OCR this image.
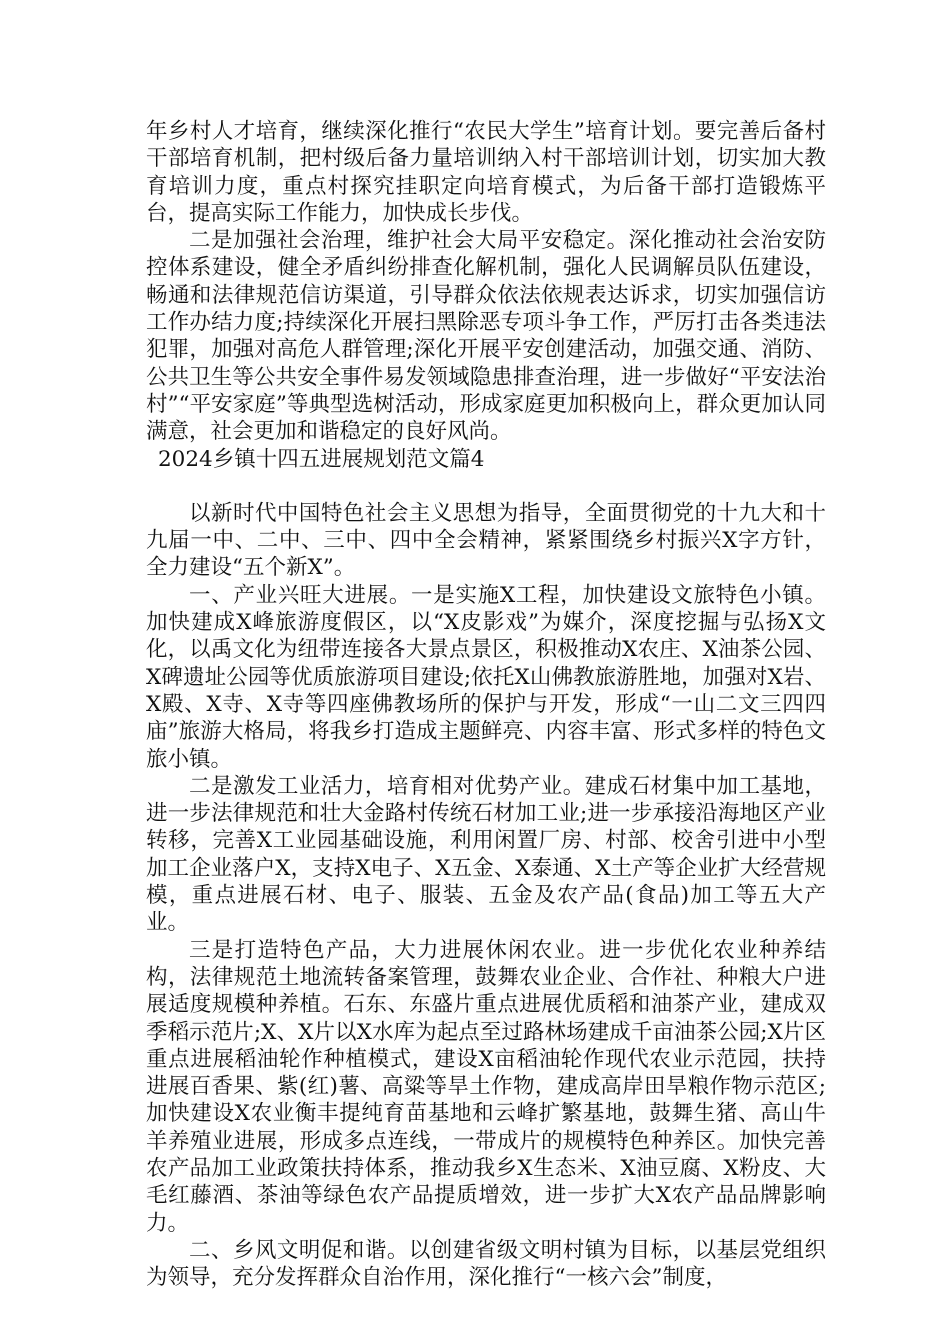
年乡村人才培育，继续深化推行“农民大学生”培育计划。要完善后备村干部培育机制，把村级后备力量培训纳入村干部培训计划，切实加大教育培训力度，重点村探究挂职定向培育模式，为后备干部打造锻炼平台，提高实际工作能力，加快成长步伐。

二是加强社会治理，维护社会大局平安稳定。深化推动社会治安防控体系建设，健全矛盾纠纷排查化解机制，强化人民调解员队伍建设，畅通和法律规范信访渠道，引导群众依法依规表达诉求，切实加强信访工作办结力度;持续深化开展扫黑除恶专项斗争工作，严厉打击各类违法犯罪，加强对高危人群管理;深化开展平安创建活动，加强交通、消防、公共卫生等公共安全事件易发领域隐患排查治理，进一步做好“平安法治村”“平安家庭”等典型选树活动，形成家庭更加积极向上，群众更加认同满意，社会更加和谐稳定的良好风尚。

2024乡镇十四五进展规划范文篇4

以新时代中国特色社会主义思想为指导，全面贯彻党的十九大和十九届一中、二中、三中、四中全会精神，紧紧围绕乡村振兴X字方针，全力建设“五个新X”。

一、产业兴旺大进展。一是实施X工程，加快建设文旅特色小镇。加快建成X峰旅游度假区，以“X皮影戏”为媒介，深度挖掘与弘扬X文化，以禹文化为纽带连接各大景点景区，积极推动X农庄、X油茶公园、X碑遗址公园等优质旅游项目建设;依托X山佛教旅游胜地，加强对X岩、X殿、X寺、X寺等四座佛教场所的保护与开发，形成“一山二文三四四庙”旅游大格局，将我乡打造成主题鲜亮、内容丰富、形式多样的特色文旅小镇。

二是激发工业活力，培育相对优势产业。建成石材集中加工基地，进一步法律规范和壮大金路村传统石材加工业;进一步承接沿海地区产业转移，完善X工业园基础设施，利用闲置厂房、村部、校舍引进中小型加工企业落户X，支持X电子、X五金、X泰通、X土产等企业扩大经营规模，重点进展石材、电子、服装、五金及农产品(食品)加工等五大产业。

三是打造特色产品，大力进展休闲农业。进一步优化农业种养结构，法律规范土地流转备案管理，鼓舞农业企业、合作社、种粮大户进展适度规模种养植。石东、东盛片重点进展优质稻和油茶产业，建成双季稻示范片;X、X片以X水库为起点至过路林场建成千亩油茶公园;X片区重点进展稻油轮作种植模式，建设X亩稻油轮作现代农业示范园，扶持进展百香果、紫(红)薯、高粱等旱土作物，建成高岸田旱粮作物示范区;加快建设X农业衡丰提纯育苗基地和云峰扩繁基地，鼓舞生猪、高山牛羊养殖业进展，形成多点连线，一带成片的规模特色种养区。加快完善农产品加工业政策扶持体系，推动我乡X生态米、X油豆腐、X粉皮、大毛红藤酒、茶油等绿色农产品提质增效，进一步扩大X农产品品牌影响力。

二、乡风文明促和谐。以创建省级文明村镇为目标，以基层党组织为领导，充分发挥群众自治作用，深化推行“一核六会”制度，
